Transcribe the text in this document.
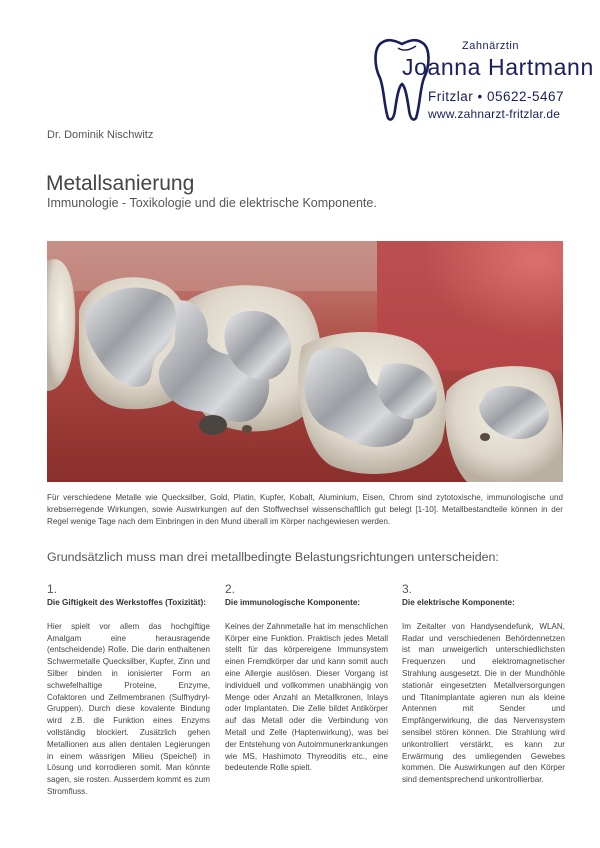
Zahnärztin
Joanna Hartmann
Fritzlar • 05622-5467
www.zahnarzt-fritzlar.de
Dr. Dominik Nischwitz
Metallsanierung
Immunologie - Toxikologie und die elektrische Komponente.

Für verschiedene Metalle wie Quecksilber, Gold, Platin, Kupfer, Kobalt, Aluminium, Eisen, Chrom sind zytotoxische, immunologische und krebserregende Wirkungen, sowie Auswirkungen auf den Stoffwechsel wissenschaftlich gut belegt [1-10]. Metallbestandteile können in der Regel wenige Tage nach dem Einbringen in den Mund überall im Körper nachgewiesen werden.

Grundsätzlich muss man drei metallbedingte Belastungsrichtungen unterscheiden:

1.
Die Giftigkeit des Werkstoffes (Toxizität):

Hier spielt vor allem das hochgiftige Amalgam eine herausragende (entscheidende) Rolle. Die darin enthaltenen Schwermetalle Quecksilber, Kupfer, Zinn und Silber binden in ionisierter Form an schwefelhaltige Proteine, Enzyme, Cofaktoren und Zellmembranen (Sulfhydryl-Gruppen). Durch diese kovalente Bindung wird z.B. die Funktion eines Enzyms vollständig blockiert. Zusätzlich gehen Metallionen aus allen dentalen Legierungen in einem wässrigen Milieu (Speichel) in Lösung und korrodieren somit. Man könnte sagen, sie rosten. Ausserdem kommt es zum Stromfluss.

2.
Die immunologische Komponente:

Keines der Zahnmetalle hat im menschlichen Körper eine Funktion. Praktisch jedes Metall stellt für das körpereigene Immunsystem einen Fremdkörper dar und kann somit auch eine Allergie auslösen. Dieser Vorgang ist individuell und vollkommen unabhängig von Menge oder Anzahl an Metallkronen, Inlays oder Implantaten. Die Zelle bildet Antikörper auf das Metall oder die Verbindung von Metall und Zelle (Haptenwirkung), was bei der Entstehung von Autoimmunerkrankungen wie MS, Hashimoto Thyreoditis etc., eine bedeutende Rolle spielt.

3.
Die elektrische Komponente:

Im Zeitalter von Handysendefunk, WLAN, Radar und verschiedenen Behördennetzen ist man unweigerlich unterschiedlichsten Frequenzen und elektromagnetischer Strahlung ausgesetzt. Die in der Mundhöhle stationär eingesetzten Metallversorgungen und Titanimplantate agieren nun als kleine Antennen mit Sender und Empfängerwirkung, die das Nervensystem sensibel stören können. Die Strahlung wird unkontrolliert verstärkt, es kann zur Erwärmung des umliegenden Gewebes kommen. Die Auswirkungen auf den Körper sind dementsprechend unkontrollierbar.
